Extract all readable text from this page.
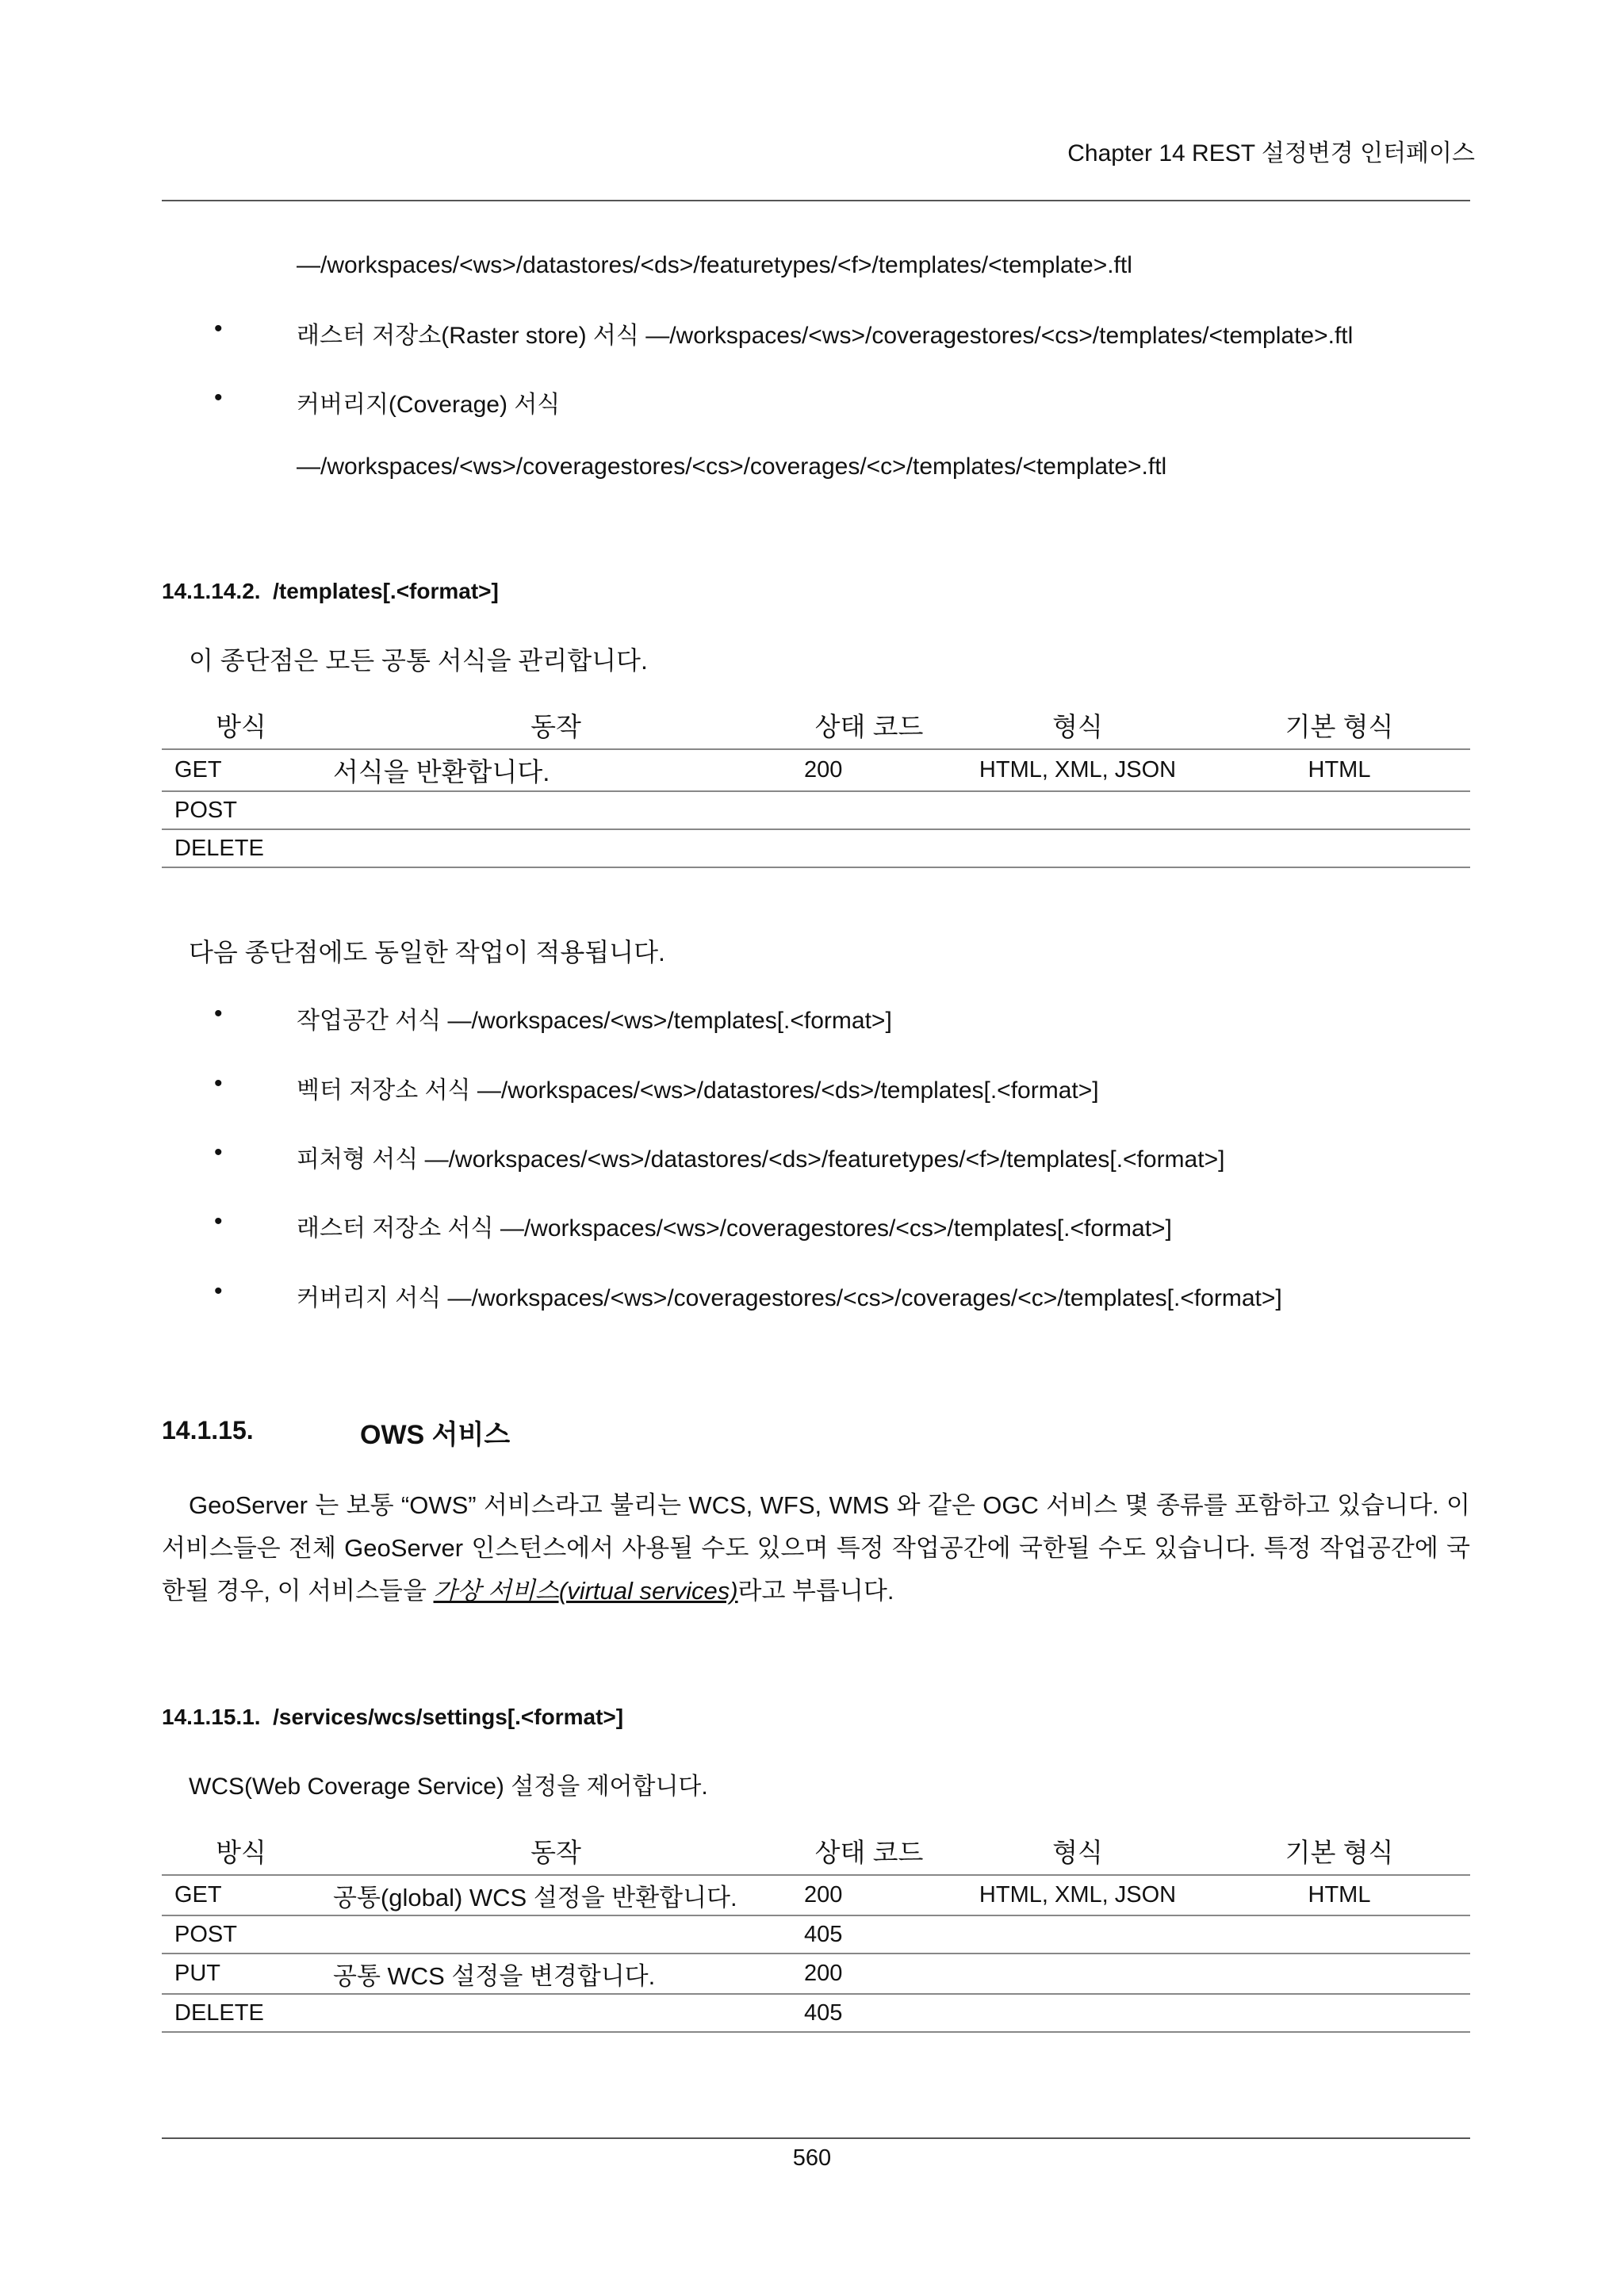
Chapter 14 REST 설정변경 인터페이스
—/workspaces/<ws>/datastores/<ds>/featuretypes/<f>/templates/<template>.ftl
•	래스터 저장소(Raster store) 서식 —/workspaces/<ws>/coveragestores/<cs>/templates/<template>.ftl
•	커버리지(Coverage) 서식
—/workspaces/<ws>/coveragestores/<cs>/coverages/<c>/templates/<template>.ftl
14.1.14.2.  /templates[.<format>]
이 종단점은 모든 공통 서식을 관리합니다.
방식	동작	상태 코드	형식	기본 형식
GET	서식을 반환합니다.	200	HTML, XML, JSON	HTML
POST				
DELETE				
다음 종단점에도 동일한 작업이 적용됩니다.
•	작업공간 서식 —/workspaces/<ws>/templates[.<format>]
•	벡터 저장소 서식 —/workspaces/<ws>/datastores/<ds>/templates[.<format>]
•	피처형 서식 —/workspaces/<ws>/datastores/<ds>/featuretypes/<f>/templates[.<format>]
•	래스터 저장소 서식 —/workspaces/<ws>/coveragestores/<cs>/templates[.<format>]
•	커버리지 서식 —/workspaces/<ws>/coveragestores/<cs>/coverages/<c>/templates[.<format>]
14.1.15.	OWS 서비스
GeoServer 는 보통 “OWS” 서비스라고 불리는 WCS, WFS, WMS 와 같은 OGC 서비스 몇 종류를 포함하고 있습니다. 이 서비스들은 전체 GeoServer 인스턴스에서 사용될 수도 있으며 특정 작업공간에 국한될 수도 있습니다. 특정 작업공간에 국한될 경우, 이 서비스들을 가상 서비스(virtual services)라고 부릅니다.
14.1.15.1.  /services/wcs/settings[.<format>]
WCS(Web Coverage Service) 설정을 제어합니다.
방식	동작	상태 코드	형식	기본 형식
GET	공통(global) WCS 설정을 반환합니다.	200	HTML, XML, JSON	HTML
POST		405		
PUT	공통 WCS 설정을 변경합니다.	200		
DELETE		405		
560
